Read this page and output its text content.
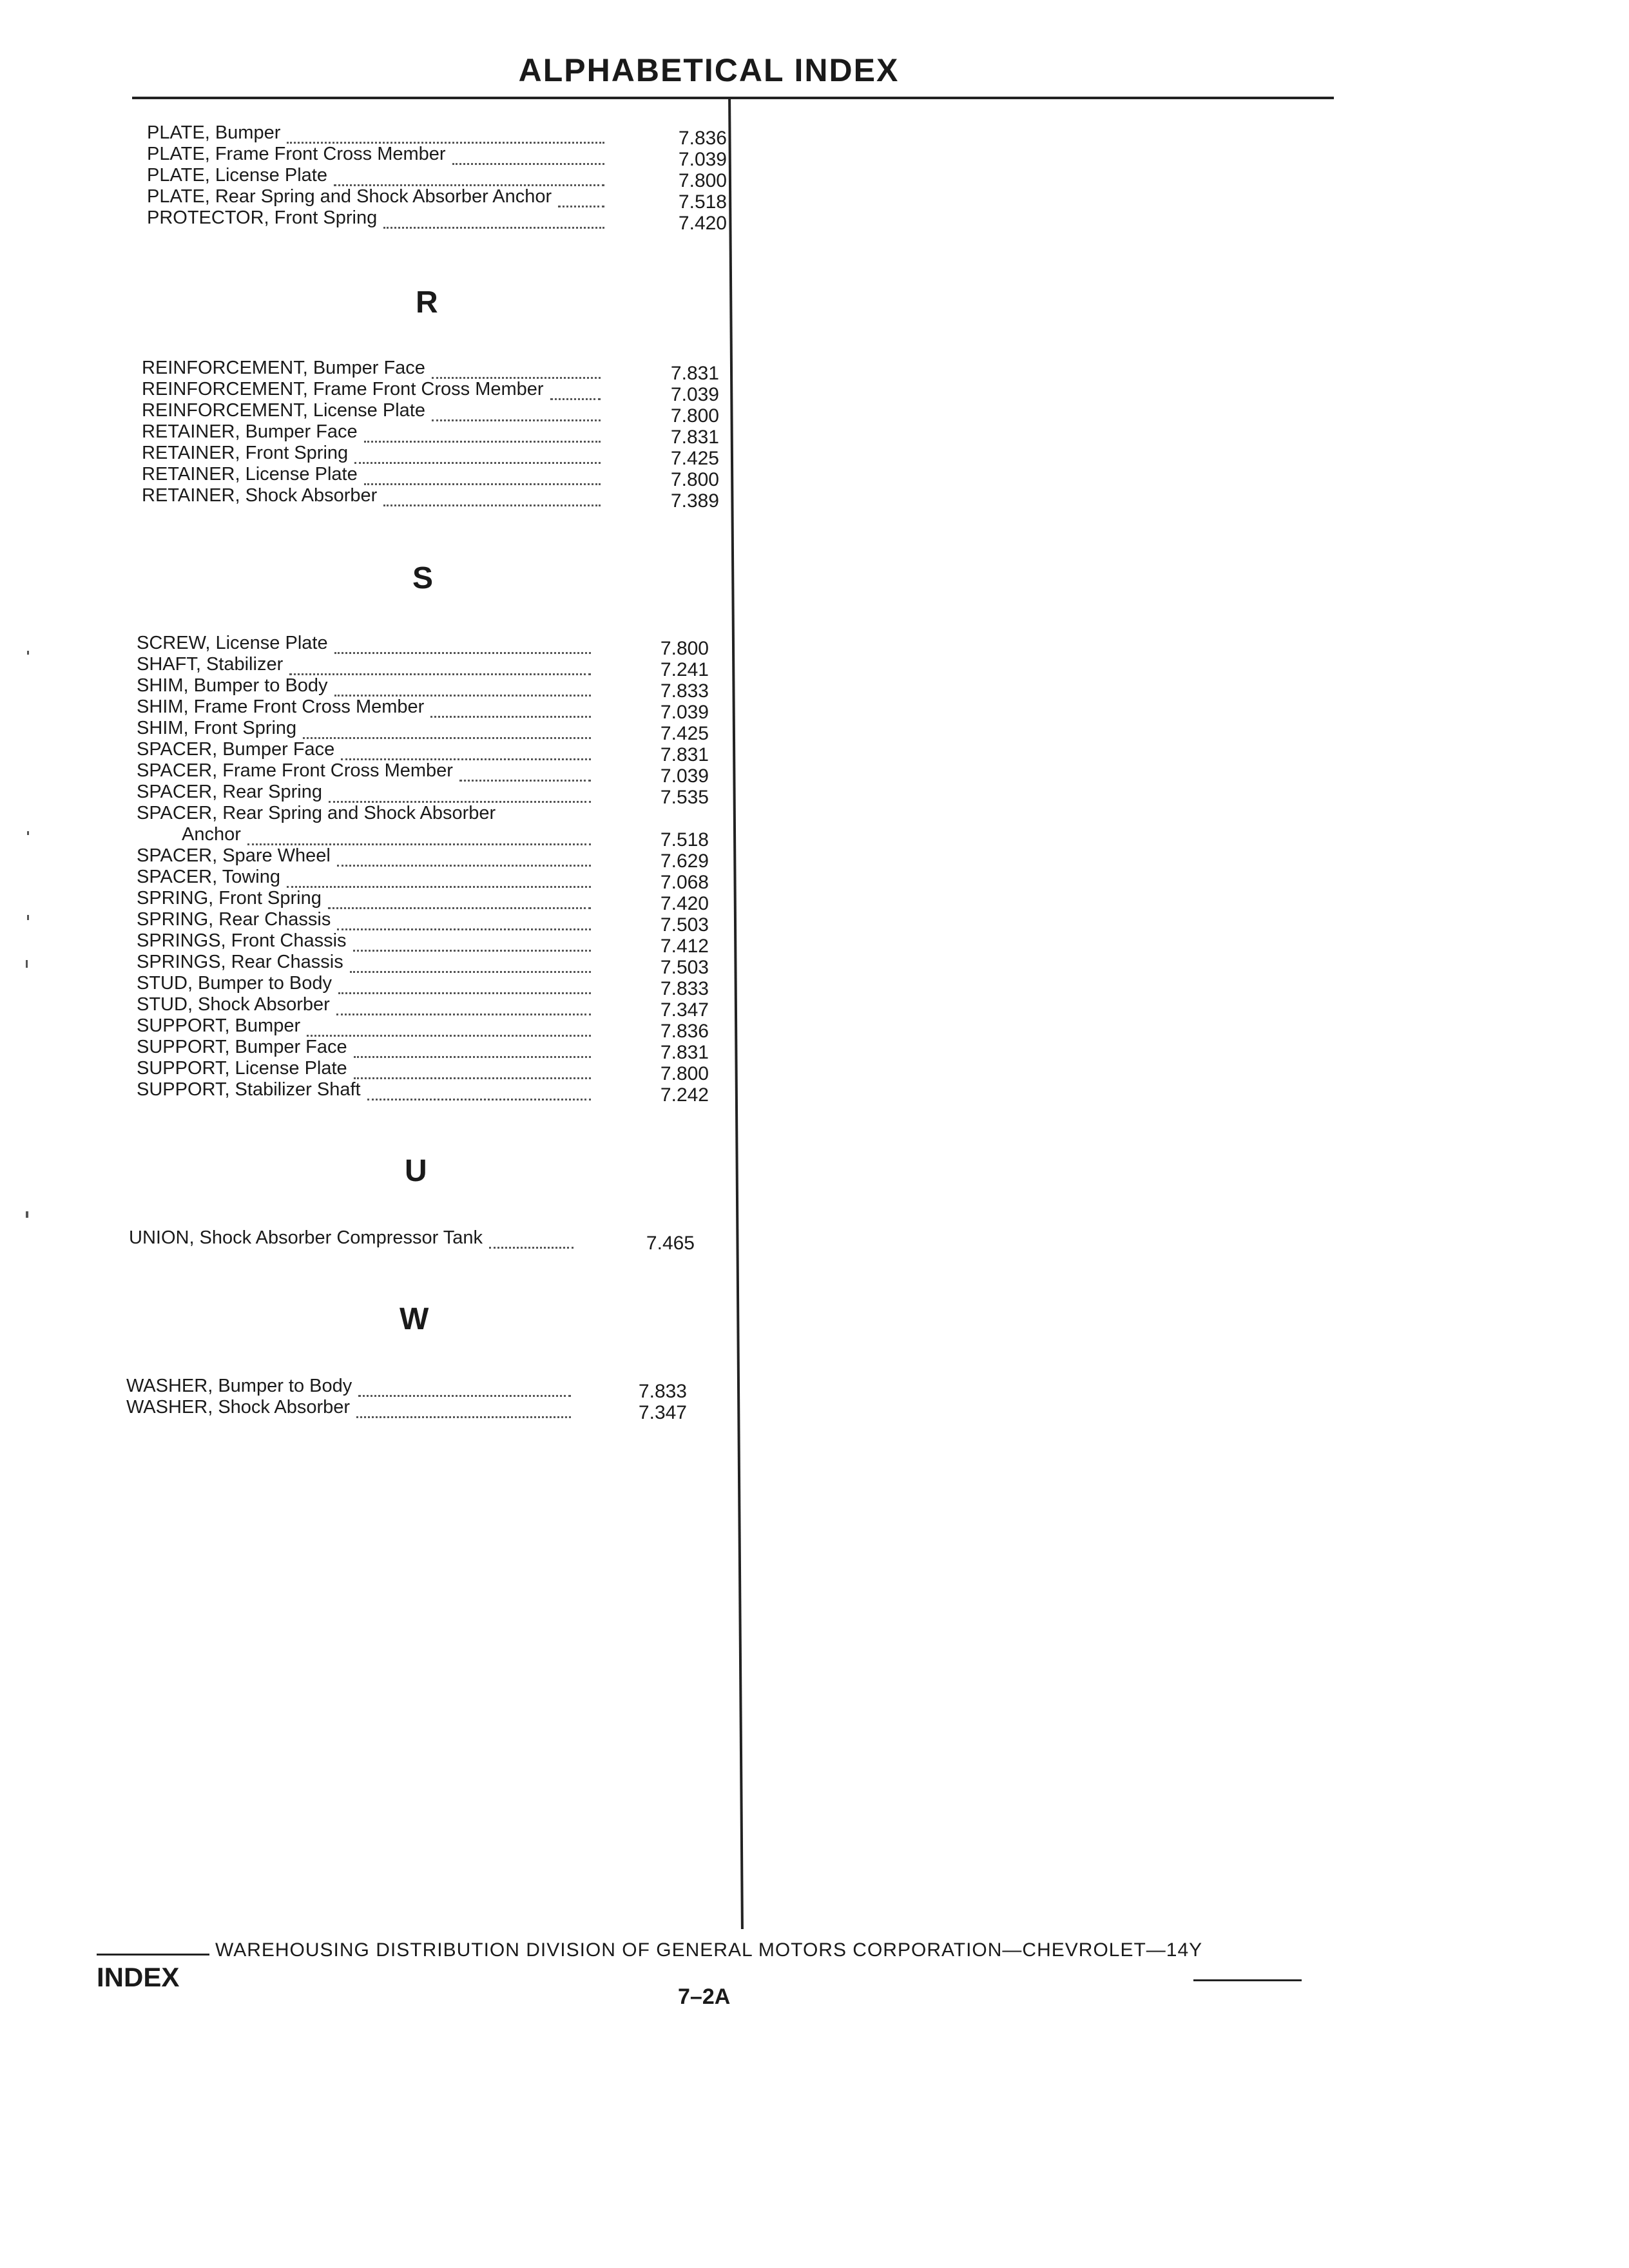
ALPHABETICAL INDEX
PLATE, Bumper	7.836
PLATE, Frame Front Cross Member	7.039
PLATE, License Plate	7.800
PLATE, Rear Spring and Shock Absorber Anchor	7.518
PROTECTOR, Front Spring	7.420
R
REINFORCEMENT, Bumper Face	7.831
REINFORCEMENT, Frame Front Cross Member	7.039
REINFORCEMENT, License Plate	7.800
RETAINER, Bumper Face	7.831
RETAINER, Front Spring	7.425
RETAINER, License Plate	7.800
RETAINER, Shock Absorber	7.389
S
SCREW, License Plate	7.800
SHAFT, Stabilizer	7.241
SHIM, Bumper to Body	7.833
SHIM, Frame Front Cross Member	7.039
SHIM, Front Spring	7.425
SPACER, Bumper Face	7.831
SPACER, Frame Front Cross Member	7.039
SPACER, Rear Spring	7.535
SPACER, Rear Spring and Shock Absorber
Anchor	7.518
SPACER, Spare Wheel	7.629
SPACER, Towing	7.068
SPRING, Front Spring	7.420
SPRING, Rear Chassis	7.503
SPRINGS, Front Chassis	7.412
SPRINGS, Rear Chassis	7.503
STUD, Bumper to Body	7.833
STUD, Shock Absorber	7.347
SUPPORT, Bumper	7.836
SUPPORT, Bumper Face	7.831
SUPPORT, License Plate	7.800
SUPPORT, Stabilizer Shaft	7.242
U
UNION, Shock Absorber Compressor Tank	7.465
W
WASHER, Bumper to Body	7.833
WASHER, Shock Absorber	7.347
WAREHOUSING DISTRIBUTION DIVISION OF GENERAL MOTORS CORPORATION—CHEVROLET—14Y
INDEX
7–2A
